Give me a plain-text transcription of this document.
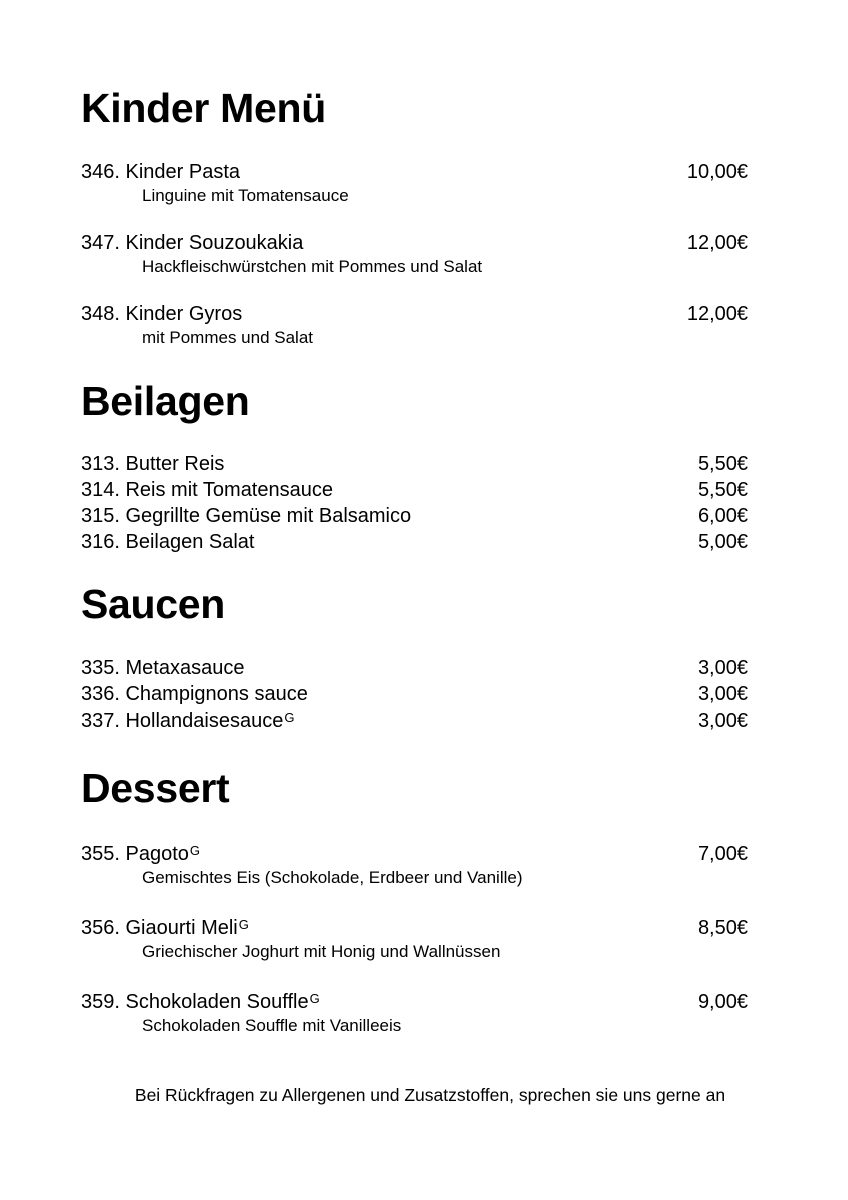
Kinder Menü
346. Kinder Pasta	10,00€
Linguine mit Tomatensauce
347. Kinder Souzoukakia	12,00€
Hackfleischwürstchen mit Pommes und Salat
348. Kinder Gyros	12,00€
mit Pommes und Salat
Beilagen
313. Butter Reis	5,50€
314. Reis mit Tomatensauce	5,50€
315. Gegrillte Gemüse mit Balsamico	6,00€
316. Beilagen Salat	5,00€
Saucen
335. Metaxasauce	3,00€
336. Champignons sauce	3,00€
337. Hollandaisesauce$^G$	3,00€
Dessert
355. Pagoto$^G$	7,00€
Gemischtes Eis (Schokolade, Erdbeer und Vanille)
356. Giaourti Meli$^G$	8,50€
Griechischer Joghurt mit Honig und Wallnüssen
359. Schokoladen Souffle$^G$	9,00€
Schokoladen Souffle mit Vanilleeis
Bei Rückfragen zu Allergenen und Zusatzstoffen, sprechen sie uns gerne an
